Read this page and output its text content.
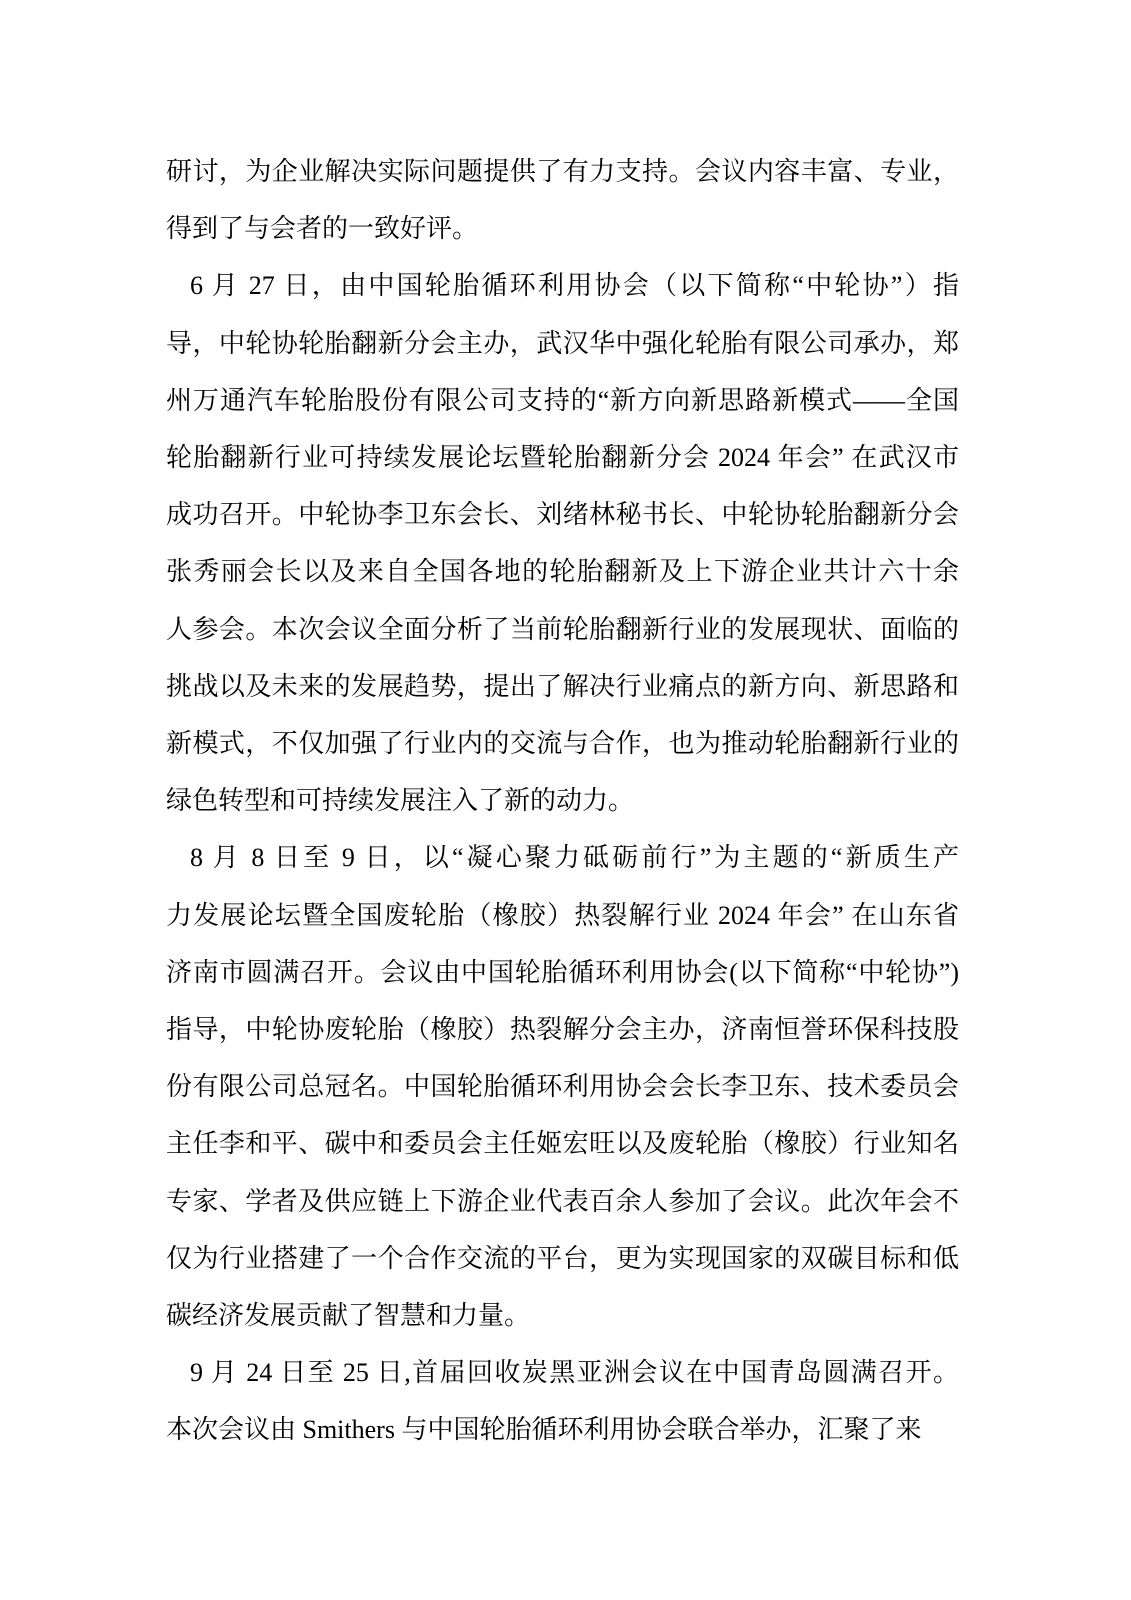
研讨，为企业解决实际问题提供了有力支持。会议内容丰富、专业，
得到了与会者的一致好评。
6 月 27 日，由中国轮胎循环利用协会（以下简称“中轮协”）指
导，中轮协轮胎翻新分会主办，武汉华中强化轮胎有限公司承办，郑
州万通汽车轮胎股份有限公司支持的“新方向新思路新模式——全国
轮胎翻新行业可持续发展论坛暨轮胎翻新分会 2024 年会” 在武汉市
成功召开。中轮协李卫东会长、刘绪林秘书长、中轮协轮胎翻新分会
张秀丽会长以及来自全国各地的轮胎翻新及上下游企业共计六十余
人参会。本次会议全面分析了当前轮胎翻新行业的发展现状、面临的
挑战以及未来的发展趋势，提出了解决行业痛点的新方向、新思路和
新模式，不仅加强了行业内的交流与合作，也为推动轮胎翻新行业的
绿色转型和可持续发展注入了新的动力。
8 月 8 日至 9 日，以“凝心聚力砥砺前行”为主题的“新质生产
力发展论坛暨全国废轮胎（橡胶）热裂解行业 2024 年会” 在山东省
济南市圆满召开。会议由中国轮胎循环利用协会(以下简称“中轮协”)
指导，中轮协废轮胎（橡胶）热裂解分会主办，济南恒誉环保科技股
份有限公司总冠名。中国轮胎循环利用协会会长李卫东、技术委员会
主任李和平、碳中和委员会主任姬宏旺以及废轮胎（橡胶）行业知名
专家、学者及供应链上下游企业代表百余人参加了会议。此次年会不
仅为行业搭建了一个合作交流的平台，更为实现国家的双碳目标和低
碳经济发展贡献了智慧和力量。
9 月 24 日至 25 日,首届回收炭黑亚洲会议在中国青岛圆满召开。
本次会议由 Smithers 与中国轮胎循环利用协会联合举办，汇聚了来
